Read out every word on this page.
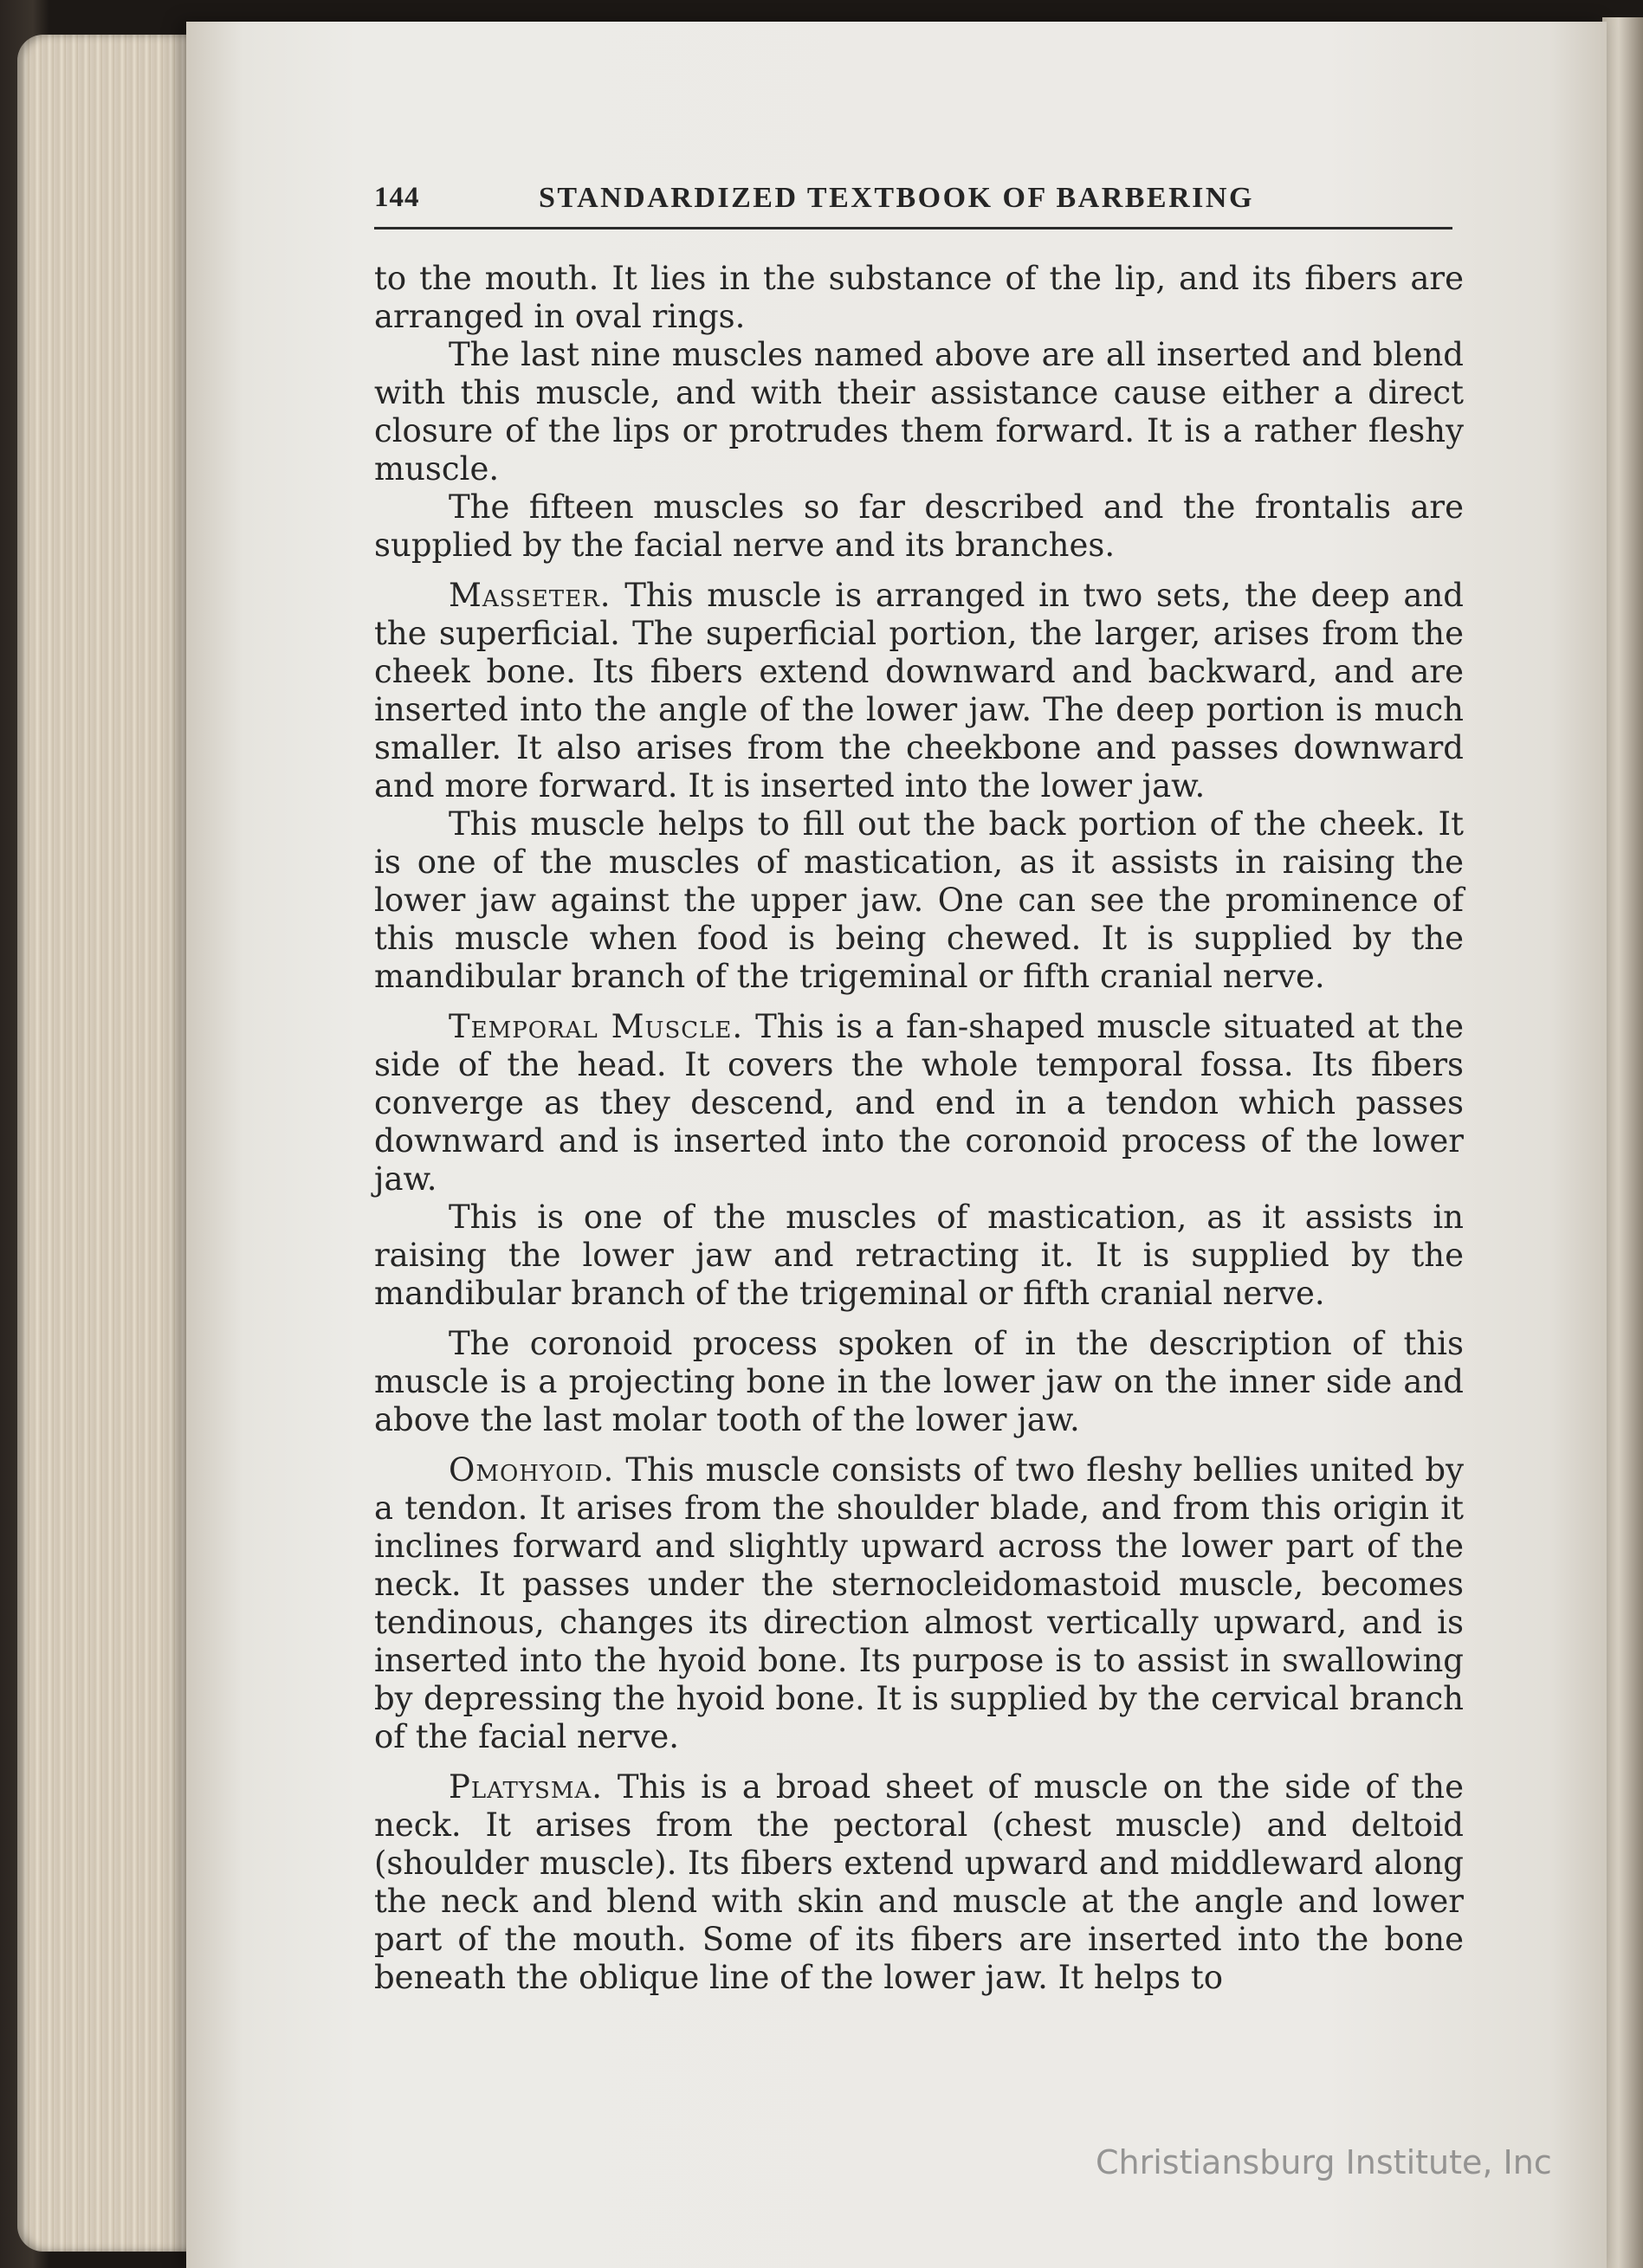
144	STANDARDIZED TEXTBOOK OF BARBERING

to the mouth. It lies in the substance of the lip, and its fibers are arranged in oval rings.

The last nine muscles named above are all inserted and blend with this muscle, and with their assistance cause either a direct closure of the lips or protrudes them forward. It is a rather fleshy muscle.

The fifteen muscles so far described and the frontalis are supplied by the facial nerve and its branches.

Masseter. This muscle is arranged in two sets, the deep and the superficial. The superficial portion, the larger, arises from the cheek bone. Its fibers extend downward and backward, and are inserted into the angle of the lower jaw. The deep portion is much smaller. It also arises from the cheekbone and passes downward and more forward. It is inserted into the lower jaw.

This muscle helps to fill out the back portion of the cheek. It is one of the muscles of mastication, as it assists in raising the lower jaw against the upper jaw. One can see the prominence of this muscle when food is being chewed. It is supplied by the mandibular branch of the trigeminal or fifth cranial nerve.

Temporal Muscle. This is a fan-shaped muscle situated at the side of the head. It covers the whole temporal fossa. Its fibers converge as they descend, and end in a tendon which passes downward and is inserted into the coronoid process of the lower jaw.

This is one of the muscles of mastication, as it assists in raising the lower jaw and retracting it. It is supplied by the mandibular branch of the trigeminal or fifth cranial nerve.

The coronoid process spoken of in the description of this muscle is a projecting bone in the lower jaw on the inner side and above the last molar tooth of the lower jaw.

Omohyoid. This muscle consists of two fleshy bellies united by a tendon. It arises from the shoulder blade, and from this origin it inclines forward and slightly upward across the lower part of the neck. It passes under the sternocleidomastoid muscle, becomes tendinous, changes its direction almost vertically upward, and is inserted into the hyoid bone. Its purpose is to assist in swallowing by depressing the hyoid bone. It is supplied by the cervical branch of the facial nerve.

Platysma. This is a broad sheet of muscle on the side of the neck. It arises from the pectoral (chest muscle) and deltoid (shoulder muscle). Its fibers extend upward and middleward along the neck and blend with skin and muscle at the angle and lower part of the mouth. Some of its fibers are inserted into the bone beneath the oblique line of the lower jaw. It helps to

Christiansburg Institute, Inc
